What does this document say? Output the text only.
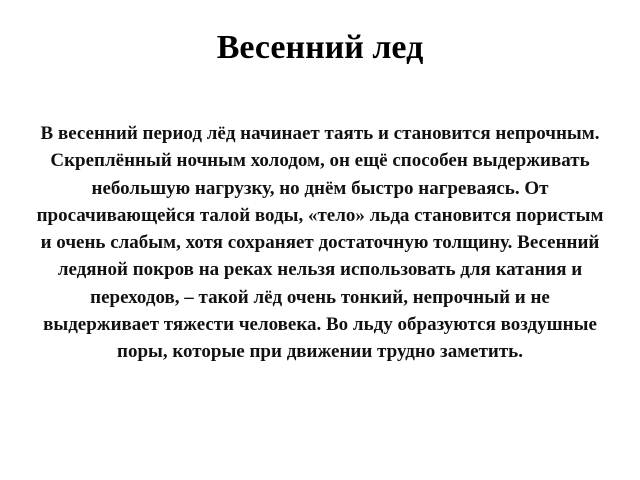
Весенний лед

В весенний период лёд начинает таять и становится непрочным. Скреплённый ночным холодом, он ещё способен выдерживать небольшую нагрузку, но днём быстро нагреваясь. От просачивающейся талой воды, «тело» льда становится пористым и очень слабым, хотя сохраняет достаточную толщину. Весенний ледяной покров на реках нельзя использовать для катания и переходов, – такой лёд очень тонкий, непрочный и не выдерживает тяжести человека. Во льду образуются воздушные поры, которые при движении трудно заметить.
